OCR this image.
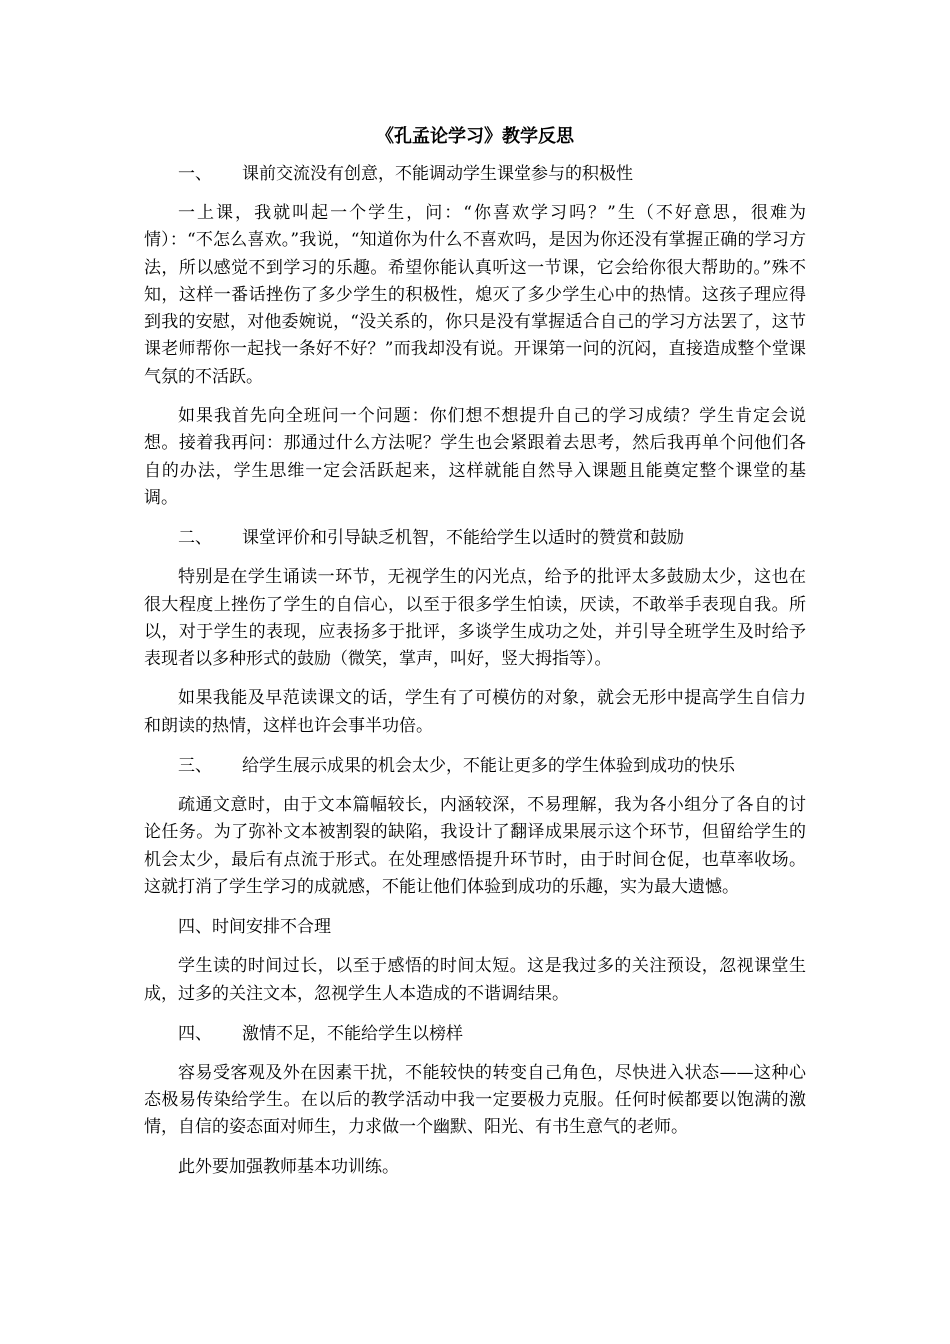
《孔孟论学习》教学反思

一、 课前交流没有创意，不能调动学生课堂参与的积极性

一上课，我就叫起一个学生，问：“你喜欢学习吗？”生（不好意思，很难为情）：“不怎么喜欢。”我说，“知道你为什么不喜欢吗，是因为你还没有掌握正确的学习方法，所以感觉不到学习的乐趣。希望你能认真听这一节课，它会给你很大帮助的。”殊不知，这样一番话挫伤了多少学生的积极性，熄灭了多少学生心中的热情。这孩子理应得到我的安慰，对他委婉说，“没关系的，你只是没有掌握适合自己的学习方法罢了，这节课老师帮你一起找一条好不好？”而我却没有说。开课第一问的沉闷，直接造成整个堂课气氛的不活跃。

如果我首先向全班问一个问题：你们想不想提升自己的学习成绩？学生肯定会说想。接着我再问：那通过什么方法呢？学生也会紧跟着去思考，然后我再单个问他们各自的办法，学生思维一定会活跃起来，这样就能自然导入课题且能奠定整个课堂的基调。

二、 课堂评价和引导缺乏机智，不能给学生以适时的赞赏和鼓励

特别是在学生诵读一环节，无视学生的闪光点，给予的批评太多鼓励太少，这也在很大程度上挫伤了学生的自信心，以至于很多学生怕读，厌读，不敢举手表现自我。所以，对于学生的表现，应表扬多于批评，多谈学生成功之处，并引导全班学生及时给予表现者以多种形式的鼓励（微笑，掌声，叫好，竖大拇指等）。

如果我能及早范读课文的话，学生有了可模仿的对象，就会无形中提高学生自信力和朗读的热情，这样也许会事半功倍。

三、 给学生展示成果的机会太少，不能让更多的学生体验到成功的快乐

疏通文意时，由于文本篇幅较长，内涵较深，不易理解，我为各小组分了各自的讨论任务。为了弥补文本被割裂的缺陷，我设计了翻译成果展示这个环节，但留给学生的机会太少，最后有点流于形式。在处理感悟提升环节时，由于时间仓促，也草率收场。这就打消了学生学习的成就感，不能让他们体验到成功的乐趣，实为最大遗憾。

四、时间安排不合理

学生读的时间过长，以至于感悟的时间太短。这是我过多的关注预设，忽视课堂生成，过多的关注文本，忽视学生人本造成的不谐调结果。

四、 激情不足，不能给学生以榜样

容易受客观及外在因素干扰，不能较快的转变自己角色，尽快进入状态——这种心态极易传染给学生。在以后的教学活动中我一定要极力克服。任何时候都要以饱满的激情，自信的姿态面对师生，力求做一个幽默、阳光、有书生意气的老师。

此外要加强教师基本功训练。
